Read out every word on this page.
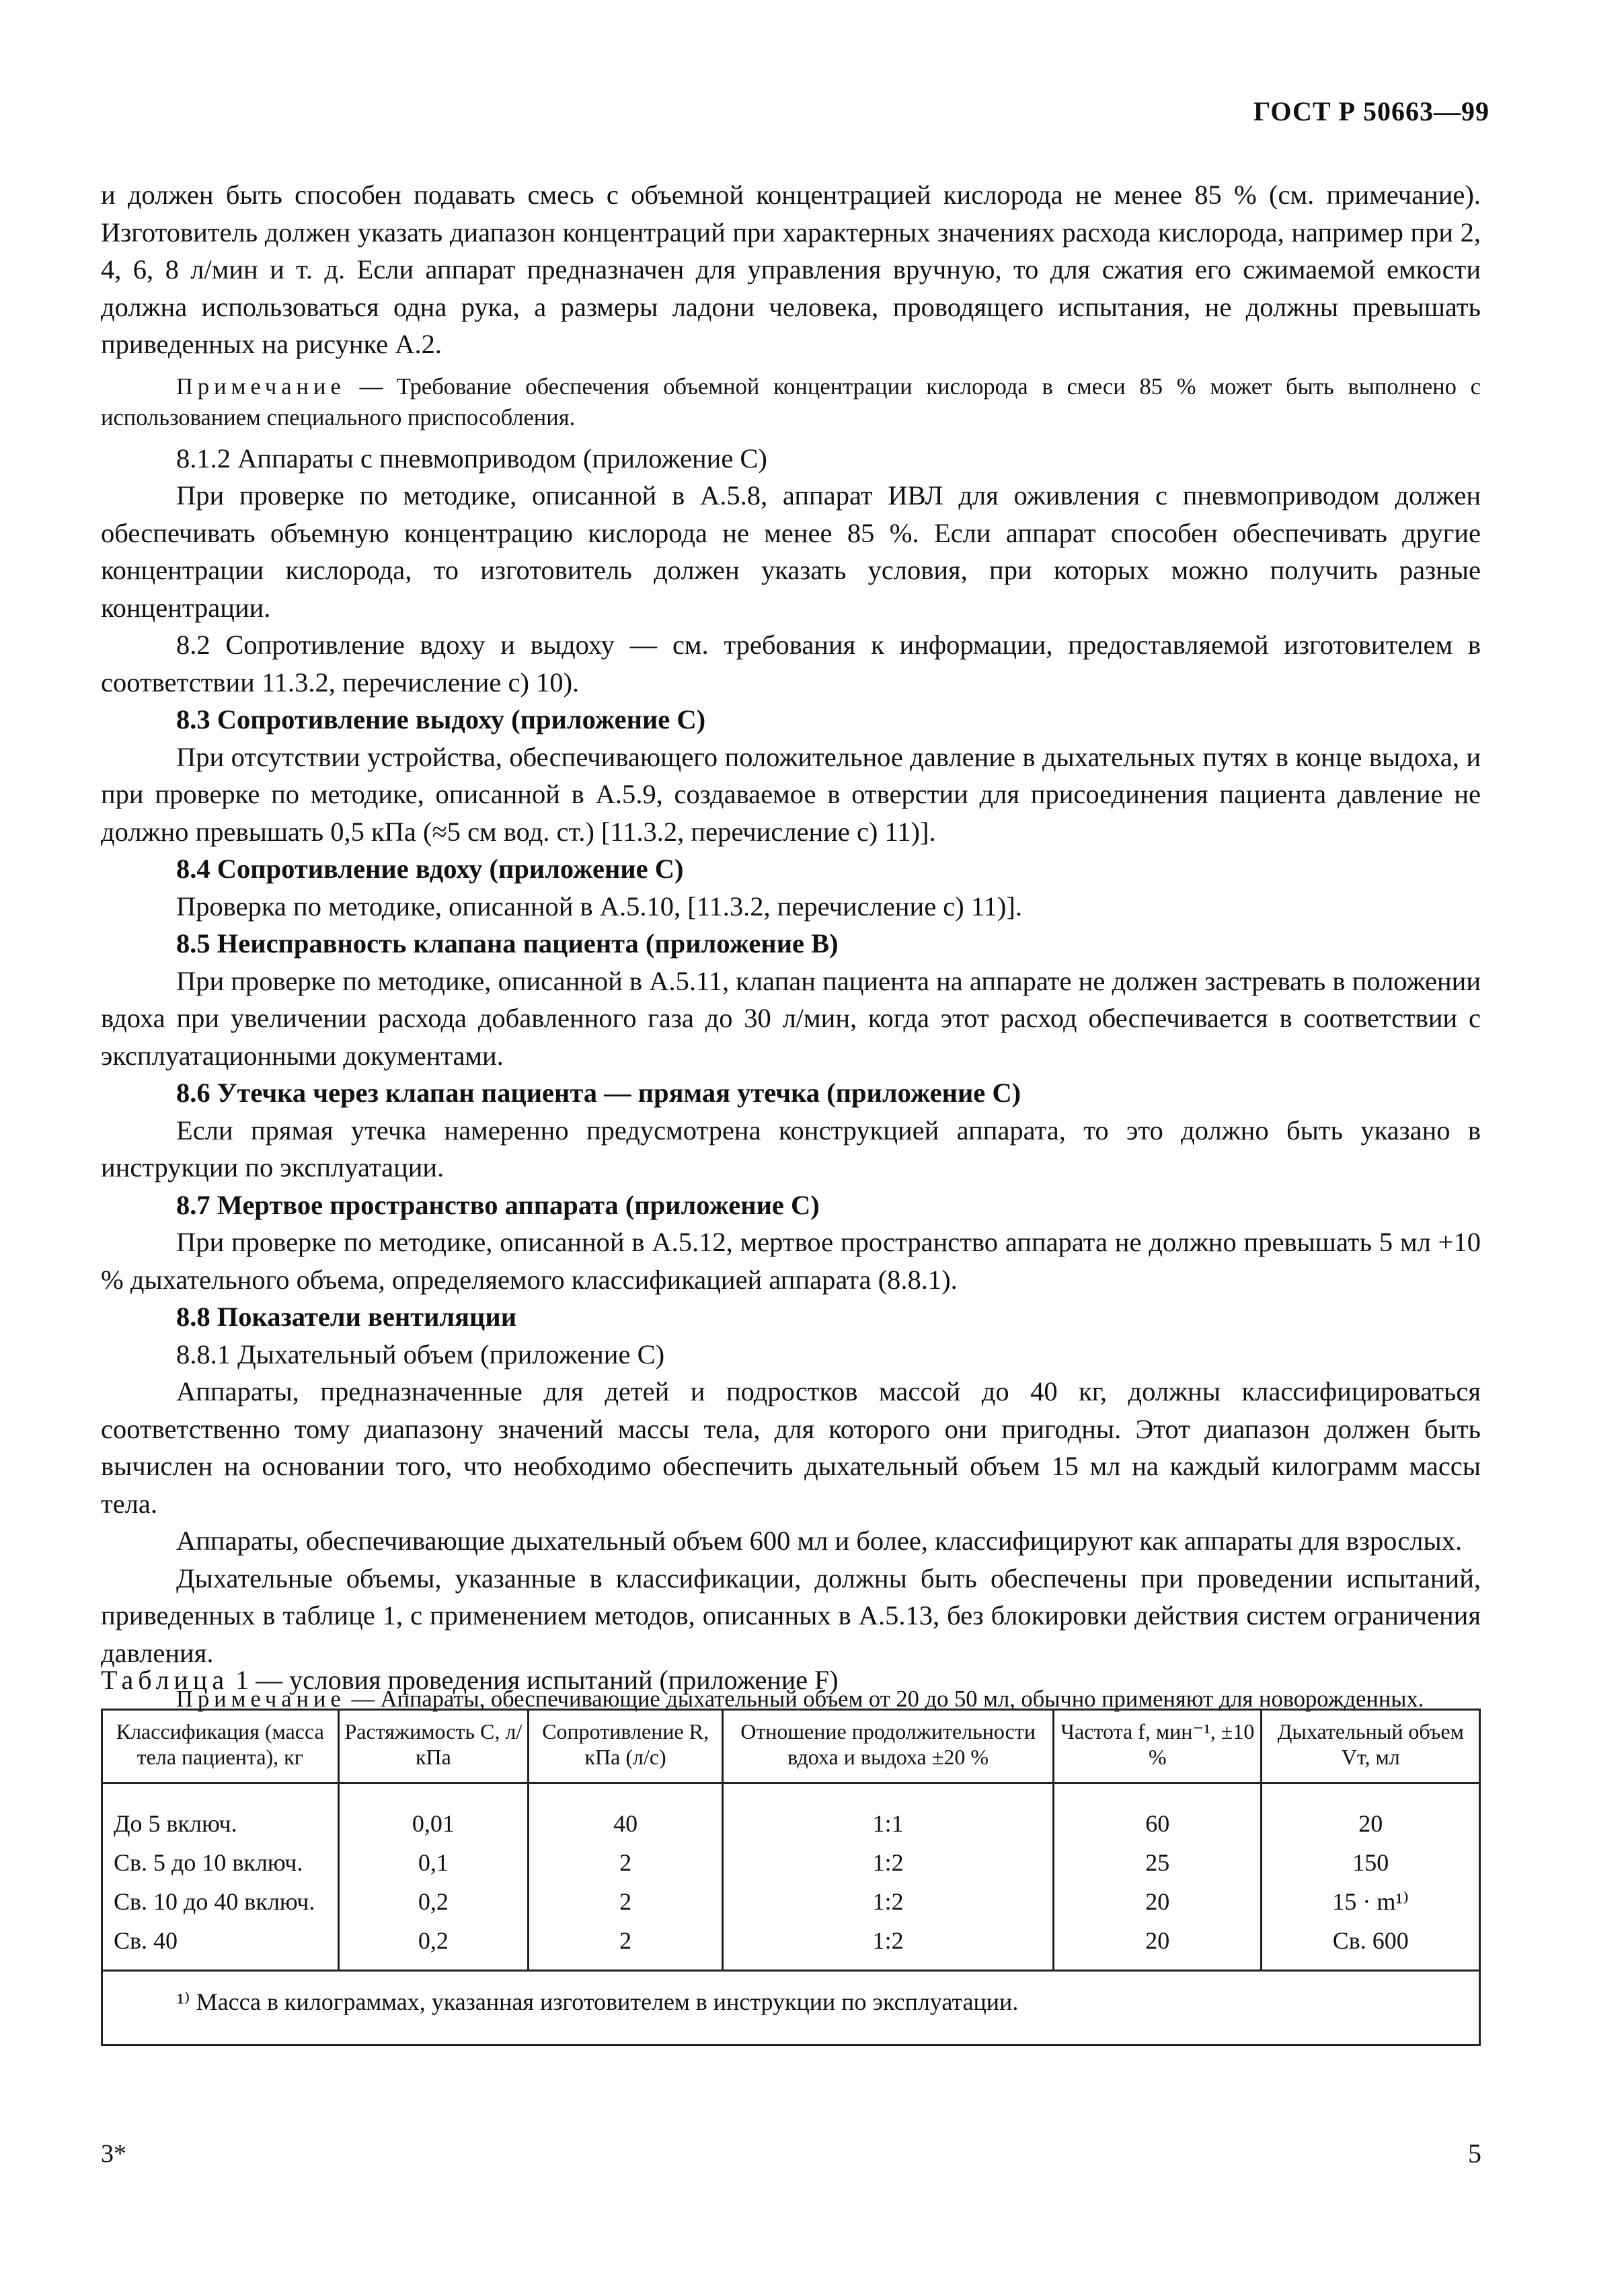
ГОСТ Р 50663—99

и должен быть способен подавать смесь с объемной концентрацией кислорода не менее 85 % (см. примечание). Изготовитель должен указать диапазон концентраций при характерных значениях расхода кислорода, например при 2, 4, 6, 8 л/мин и т. д. Если аппарат предназначен для управления вручную, то для сжатия его сжимаемой емкости должна использоваться одна рука, а размеры ладони человека, проводящего испытания, не должны превышать приведенных на рисунке А.2.

Примечание — Требование обеспечения объемной концентрации кислорода в смеси 85 % может быть выполнено с использованием специального приспособления.

8.1.2 Аппараты с пневмоприводом (приложение С)

При проверке по методике, описанной в А.5.8, аппарат ИВЛ для оживления с пневмоприводом должен обеспечивать объемную концентрацию кислорода не менее 85 %. Если аппарат способен обеспечивать другие концентрации кислорода, то изготовитель должен указать условия, при которых можно получить разные концентрации.

8.2 Сопротивление вдоху и выдоху — см. требования к информации, предоставляемой изготовителем в соответствии 11.3.2, перечисление с) 10).

8.3 Сопротивление выдоху (приложение С)

При отсутствии устройства, обеспечивающего положительное давление в дыхательных путях в конце выдоха, и при проверке по методике, описанной в А.5.9, создаваемое в отверстии для присоединения пациента давление не должно превышать 0,5 кПа (≈5 см вод. ст.) [11.3.2, перечисление с) 11)].

8.4 Сопротивление вдоху (приложение С)

Проверка по методике, описанной в А.5.10, [11.3.2, перечисление с) 11)].

8.5 Неисправность клапана пациента (приложение В)

При проверке по методике, описанной в А.5.11, клапан пациента на аппарате не должен застревать в положении вдоха при увеличении расхода добавленного газа до 30 л/мин, когда этот расход обеспечивается в соответствии с эксплуатационными документами.

8.6 Утечка через клапан пациента — прямая утечка (приложение С)

Если прямая утечка намеренно предусмотрена конструкцией аппарата, то это должно быть указано в инструкции по эксплуатации.

8.7 Мертвое пространство аппарата (приложение С)

При проверке по методике, описанной в А.5.12, мертвое пространство аппарата не должно превышать 5 мл +10 % дыхательного объема, определяемого классификацией аппарата (8.8.1).

8.8 Показатели вентиляции

8.8.1 Дыхательный объем (приложение С)

Аппараты, предназначенные для детей и подростков массой до 40 кг, должны классифицироваться соответственно тому диапазону значений массы тела, для которого они пригодны. Этот диапазон должен быть вычислен на основании того, что необходимо обеспечить дыхательный объем 15 мл на каждый килограмм массы тела.

Аппараты, обеспечивающие дыхательный объем 600 мл и более, классифицируют как аппараты для взрослых.

Дыхательные объемы, указанные в классификации, должны быть обеспечены при проведении испытаний, приведенных в таблице 1, с применением методов, описанных в А.5.13, без блокировки действия систем ограничения давления.

Примечание — Аппараты, обеспечивающие дыхательный объем от 20 до 50 мл, обычно применяют для новорожденных.

Таблица 1 — условия проведения испытаний (приложение F)
Классификация (масса тела пациента), кг	Растяжимость С, л/кПа	Сопротивление R, кПа (л/с)	Отношение продолжительности вдоха и выдоха ±20 %	Частота f, мин⁻¹, ±10 %	Дыхательный объем Vт, мл
До 5 включ.	0,01	40	1:1	60	20
Св. 5 до 10 включ.	0,1	2	1:2	25	150
Св. 10 до 40 включ.	0,2	2	1:2	20	15 · m¹⁾
Св. 40	0,2	2	1:2	20	Св. 600
¹⁾ Масса в килограммах, указанная изготовителем в инструкции по эксплуатации.					
3*	5
